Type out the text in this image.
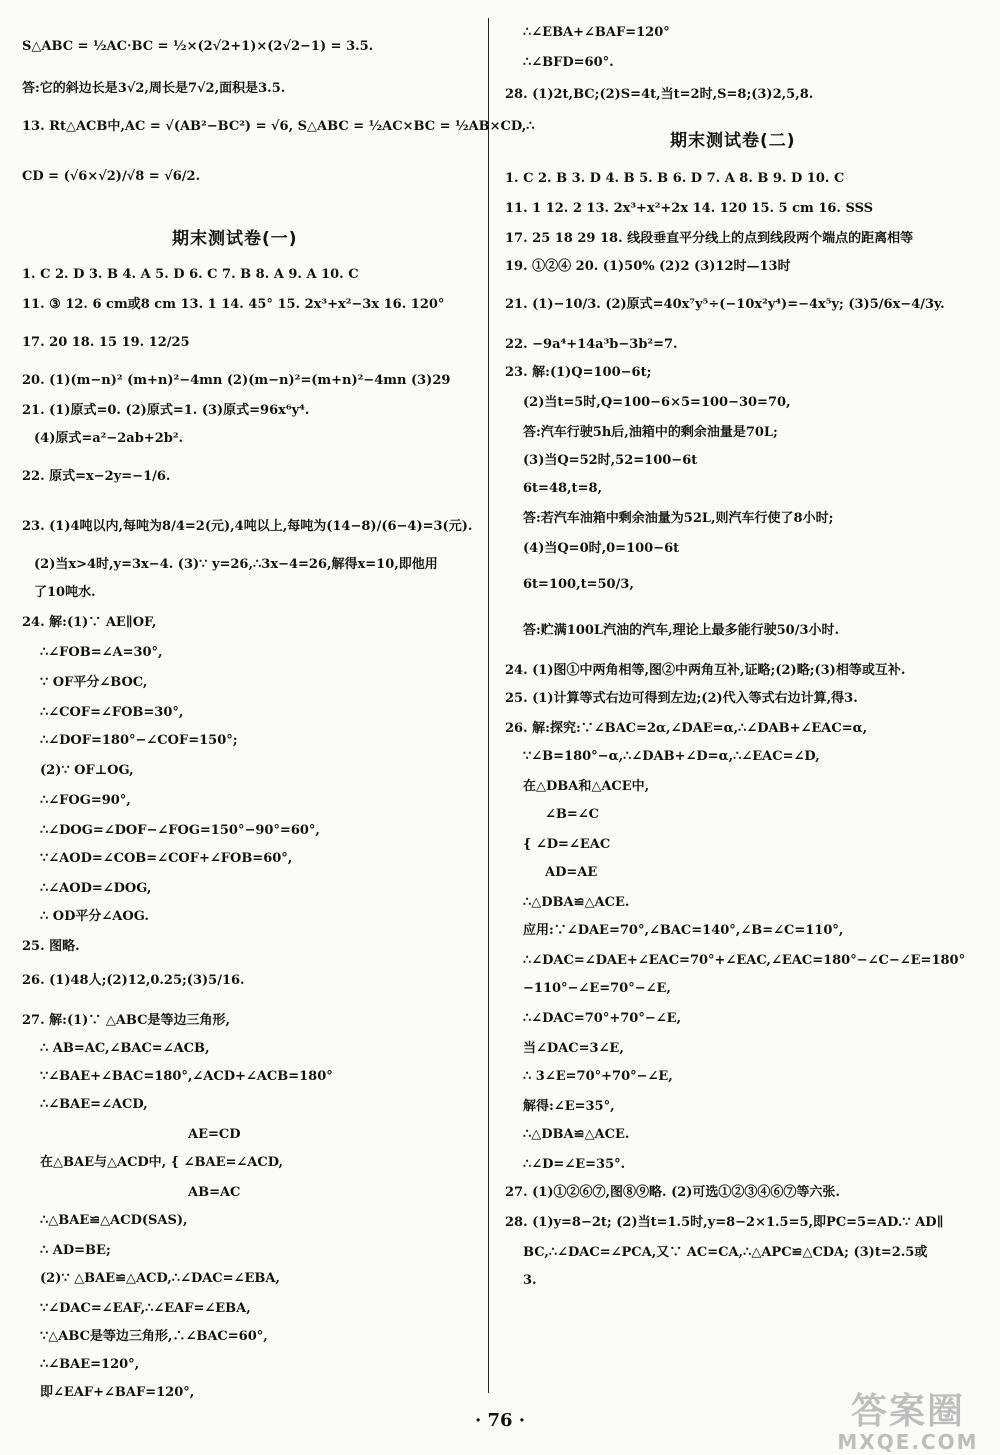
S△ABC = ½AC·BC = ½×(2√2+1)×(2√2−1) = 3.5.
答:它的斜边长是3√2,周长是7√2,面积是3.5.
13. Rt△ACB中,AC = √(AB²−BC²) = √6, S△ABC = ½AC×BC = ½AB×CD,∴
CD = (√6×√2)/√8 = √6/2.
期末测试卷(一)
1. C 2. D 3. B 4. A 5. D 6. C 7. B 8. A 9. A 10. C
11. ③ 12. 6 cm或8 cm 13. 1 14. 45° 15. 2x³+x²−3x 16. 120°
17. 20 18. 15 19. 12/25
20. (1)(m−n)² (m+n)²−4mn (2)(m−n)²=(m+n)²−4mn (3)29
21. (1)原式=0. (2)原式=1. (3)原式=96x⁶y⁴.
(4)原式=a²−2ab+2b².
22. 原式=x−2y=−1/6.
23. (1)4吨以内,每吨为8/4=2(元),4吨以上,每吨为(14−8)/(6−4)=3(元).
(2)当x>4时,y=3x−4. (3)∵ y=26,∴3x−4=26,解得x=10,即他用
了10吨水.
24. 解:(1)∵ AE∥OF,
∴∠FOB=∠A=30°,
∵ OF平分∠BOC,
∴∠COF=∠FOB=30°,
∴∠DOF=180°−∠COF=150°;
(2)∵ OF⊥OG,
∴∠FOG=90°,
∴∠DOG=∠DOF−∠FOG=150°−90°=60°,
∵∠AOD=∠COB=∠COF+∠FOB=60°,
∴∠AOD=∠DOG,
∴ OD平分∠AOG.
25. 图略.
26. (1)48人;(2)12,0.25;(3)5/16.
27. 解:(1)∵ △ABC是等边三角形,
∴ AB=AC,∠BAC=∠ACB,
∵∠BAE+∠BAC=180°,∠ACD+∠ACB=180°
∴∠BAE=∠ACD,
AE=CD
在△BAE与△ACD中, { ∠BAE=∠ACD,
AB=AC
∴△BAE≌△ACD(SAS),
∴ AD=BE;
(2)∵ △BAE≌△ACD,∴∠DAC=∠EBA,
∵∠DAC=∠EAF,∴∠EAF=∠EBA,
∵△ABC是等边三角形,∴∠BAC=60°,
∴∠BAE=120°,
即∠EAF+∠BAF=120°,
∴∠EBA+∠BAF=120°
∴∠BFD=60°.
28. (1)2t,BC;(2)S=4t,当t=2时,S=8;(3)2,5,8.
期末测试卷(二)
1. C 2. B 3. D 4. B 5. B 6. D 7. A 8. B 9. D 10. C
11. 1 12. 2 13. 2x³+x²+2x 14. 120 15. 5 cm 16. SSS
17. 25 18 29 18. 线段垂直平分线上的点到线段两个端点的距离相等
19. ①②④ 20. (1)50% (2)2 (3)12时—13时
21. (1)−10/3. (2)原式=40x⁷y⁵÷(−10x²y⁴)=−4x⁵y; (3)5/6x−4/3y.
22. −9a⁴+14a³b−3b²=7.
23. 解:(1)Q=100−6t;
(2)当t=5时,Q=100−6×5=100−30=70,
答:汽车行驶5h后,油箱中的剩余油量是70L;
(3)当Q=52时,52=100−6t
6t=48,t=8,
答:若汽车油箱中剩余油量为52L,则汽车行使了8小时;
(4)当Q=0时,0=100−6t
6t=100,t=50/3,
答:贮满100L汽油的汽车,理论上最多能行驶50/3小时.
24. (1)图①中两角相等,图②中两角互补,证略;(2)略;(3)相等或互补.
25. (1)计算等式右边可得到左边;(2)代入等式右边计算,得3.
26. 解:探究:∵∠BAC=2α,∠DAE=α,∴∠DAB+∠EAC=α,
∵∠B=180°−α,∴∠DAB+∠D=α,∴∠EAC=∠D,
在△DBA和△ACE中,
∠B=∠C
{ ∠D=∠EAC
AD=AE
∴△DBA≌△ACE.
应用:∵∠DAE=70°,∠BAC=140°,∠B=∠C=110°,
∴∠DAC=∠DAE+∠EAC=70°+∠EAC,∠EAC=180°−∠C−∠E=180°
−110°−∠E=70°−∠E,
∴∠DAC=70°+70°−∠E,
当∠DAC=3∠E,
∴ 3∠E=70°+70°−∠E,
解得:∠E=35°,
∴△DBA≌△ACE.
∴∠D=∠E=35°.
27. (1)①②⑥⑦,图⑧⑨略. (2)可选①②③④⑥⑦等六张.
28. (1)y=8−2t; (2)当t=1.5时,y=8−2×1.5=5,即PC=5=AD.∵ AD∥
BC,∴∠DAC=∠PCA,又∵ AC=CA,∴△APC≌△CDA; (3)t=2.5或
3.
· 76 ·	答案圈
MXQE.COM
